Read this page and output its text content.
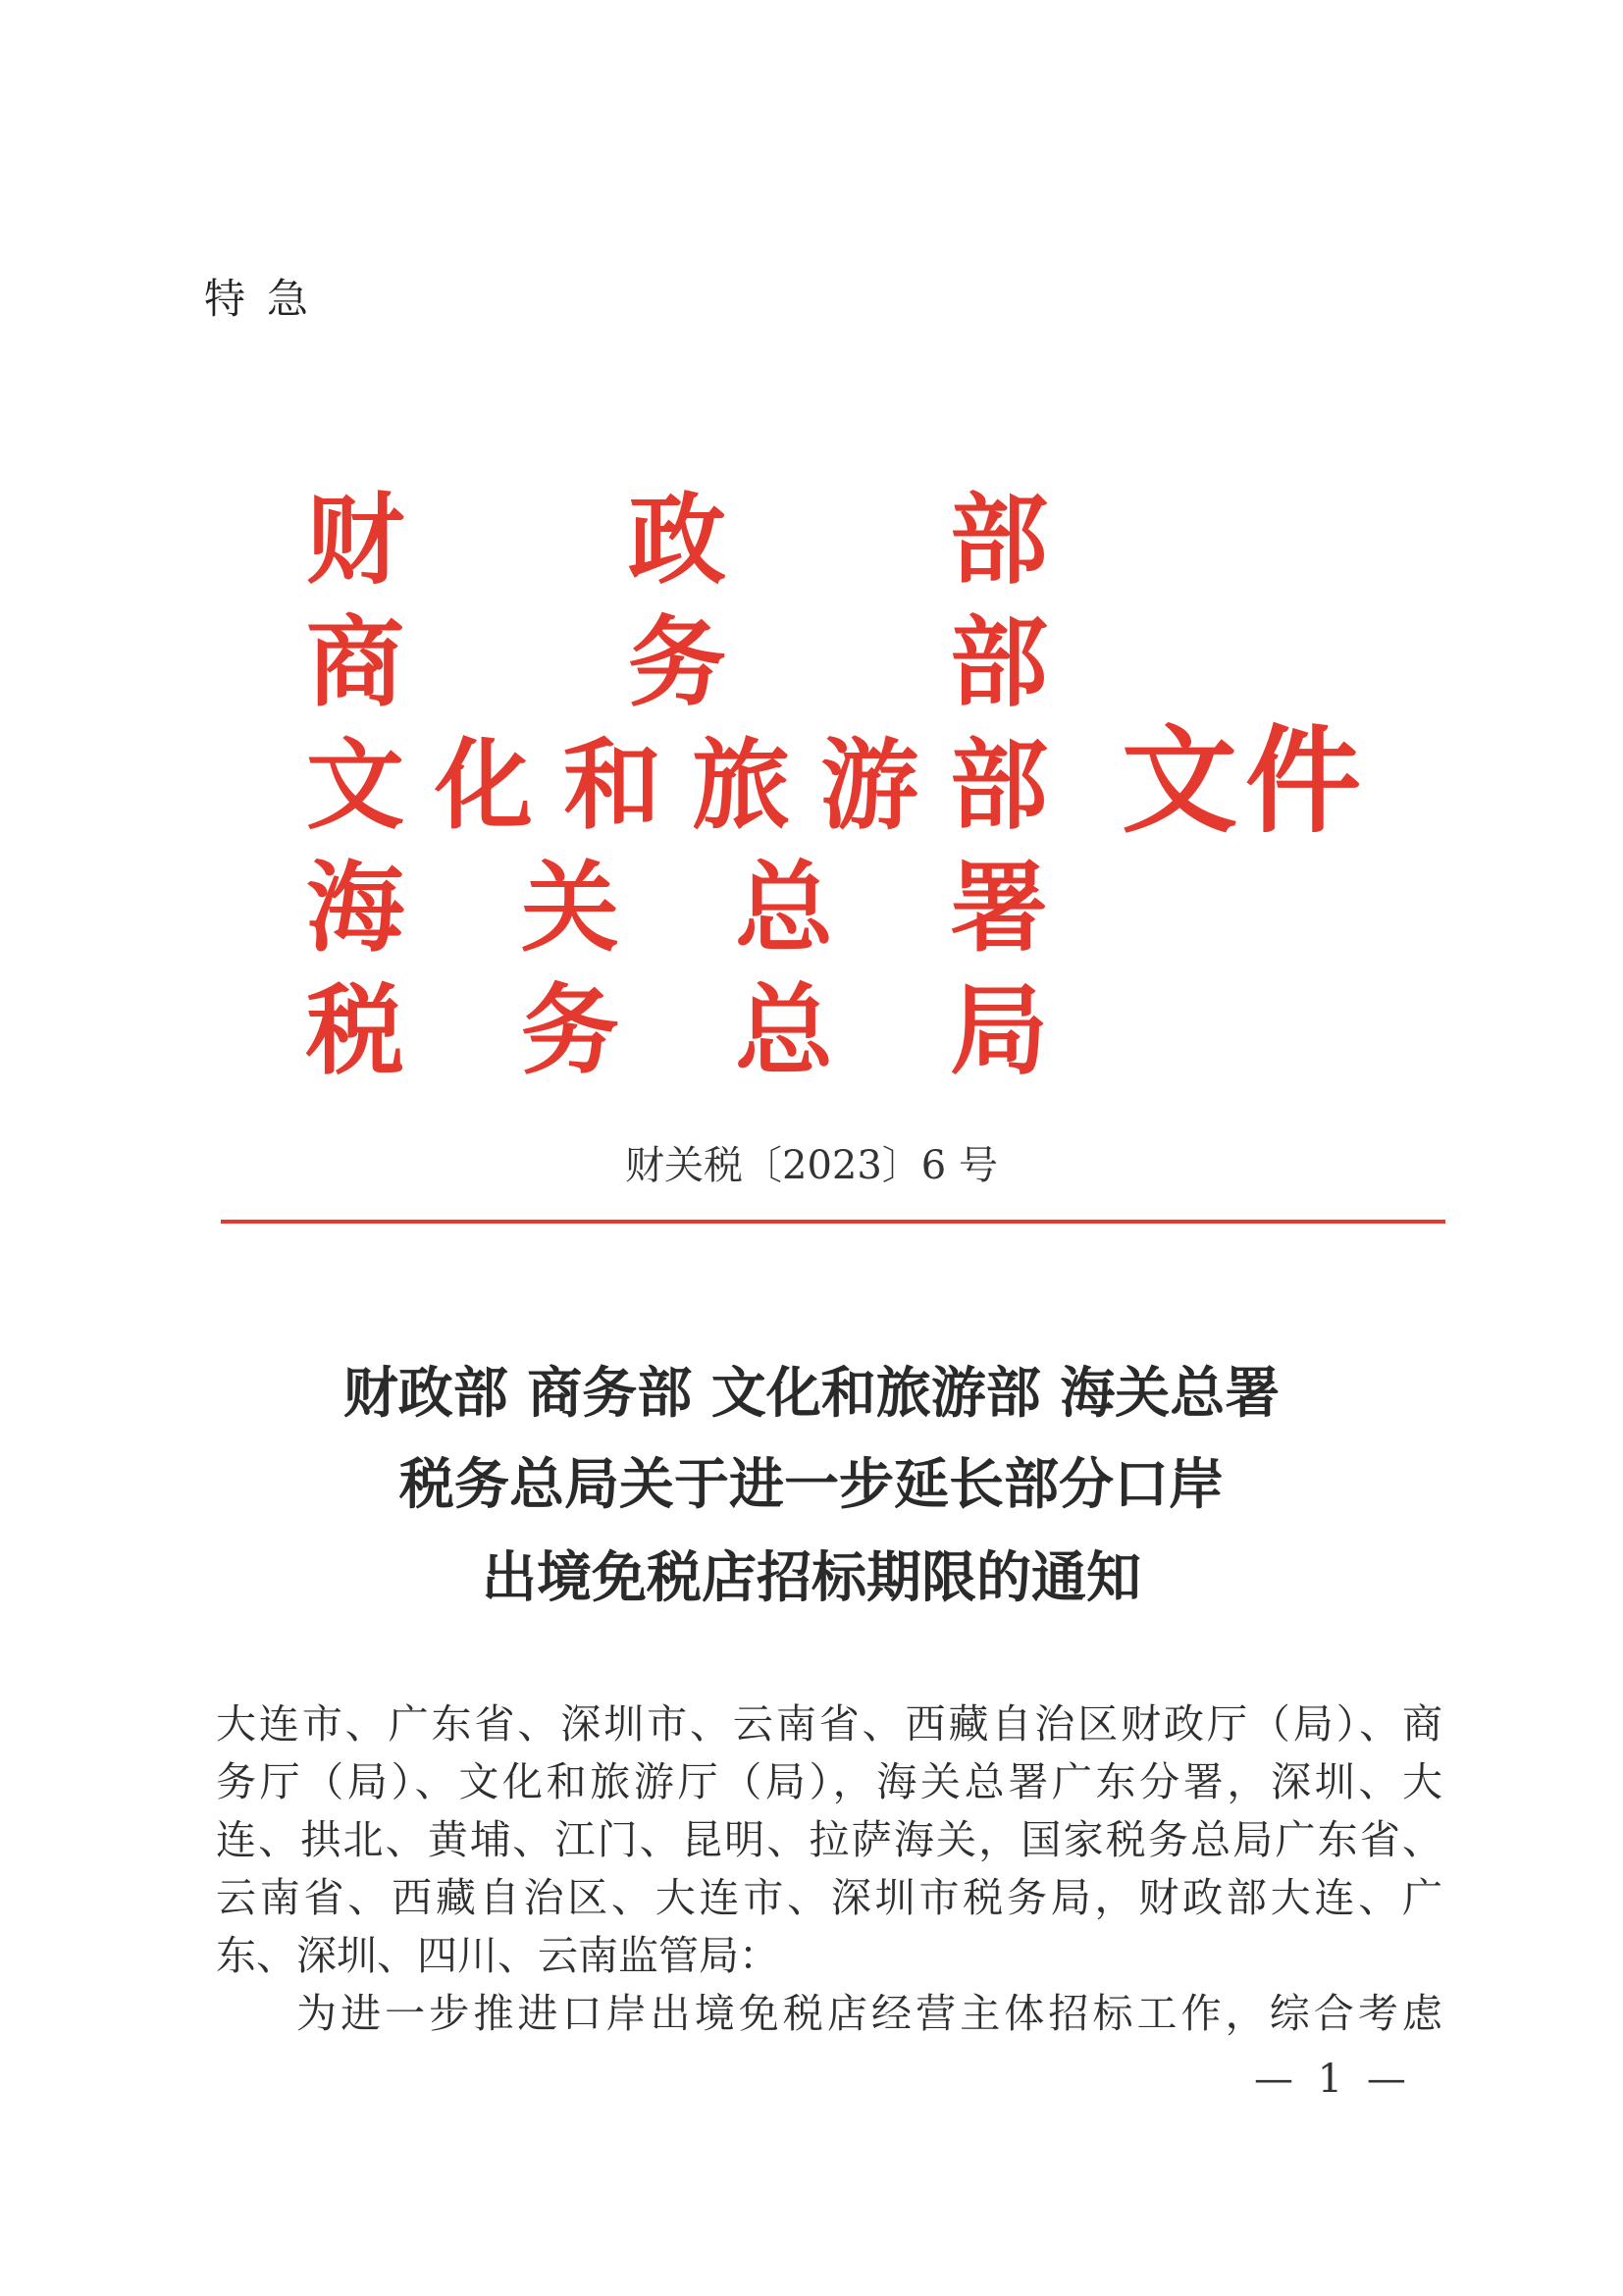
特急
财 政 部
商 务 部
文 化 和 旅 游 部
海 关 总 署
税 务 总 局
文件
财关税〔2023〕6 号
财政部 商务部 文化和旅游部 海关总署
税务总局关于进一步延长部分口岸
出境免税店招标期限的通知
大连市、广东省、深圳市、云南省、西藏自治区财政厅（局）、商
务厅（局）、文化和旅游厅（局），海关总署广东分署，深圳、大
连、拱北、黄埔、江门、昆明、拉萨海关，国家税务总局广东省、
云南省、西藏自治区、大连市、深圳市税务局，财政部大连、广
东、深圳、四川、云南监管局：
为进一步推进口岸出境免税店经营主体招标工作，综合考虑
— 1 —
